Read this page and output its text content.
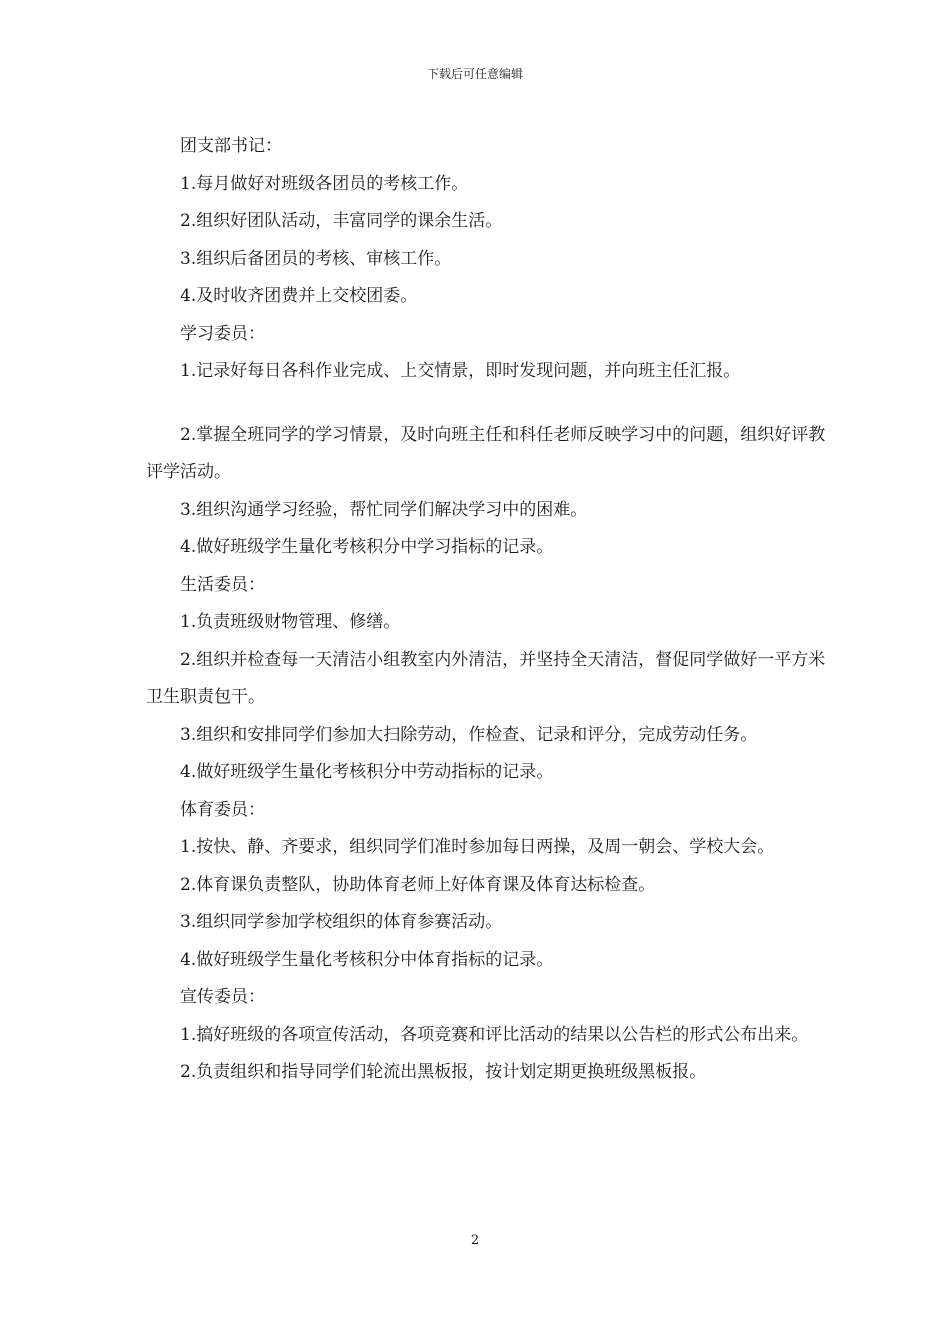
下载后可任意编辑

团支部书记：

1.每月做好对班级各团员的考核工作。

2.组织好团队活动，丰富同学的课余生活。

3.组织后备团员的考核、审核工作。

4.及时收齐团费并上交校团委。

学习委员：

1.记录好每日各科作业完成、上交情景，即时发现问题，并向班主任汇报。

2.掌握全班同学的学习情景，及时向班主任和科任老师反映学习中的问题，组织好评教评学活动。

3.组织沟通学习经验，帮忙同学们解决学习中的困难。

4.做好班级学生量化考核积分中学习指标的记录。

生活委员：

1.负责班级财物管理、修缮。

2.组织并检查每一天清洁小组教室内外清洁，并坚持全天清洁，督促同学做好一平方米卫生职责包干。

3.组织和安排同学们参加大扫除劳动，作检查、记录和评分，完成劳动任务。

4.做好班级学生量化考核积分中劳动指标的记录。

体育委员：

1.按快、静、齐要求，组织同学们准时参加每日两操，及周一朝会、学校大会。

2.体育课负责整队，协助体育老师上好体育课及体育达标检查。

3.组织同学参加学校组织的体育参赛活动。

4.做好班级学生量化考核积分中体育指标的记录。

宣传委员：

1.搞好班级的各项宣传活动，各项竞赛和评比活动的结果以公告栏的形式公布出来。

2.负责组织和指导同学们轮流出黑板报，按计划定期更换班级黑板报。

2
